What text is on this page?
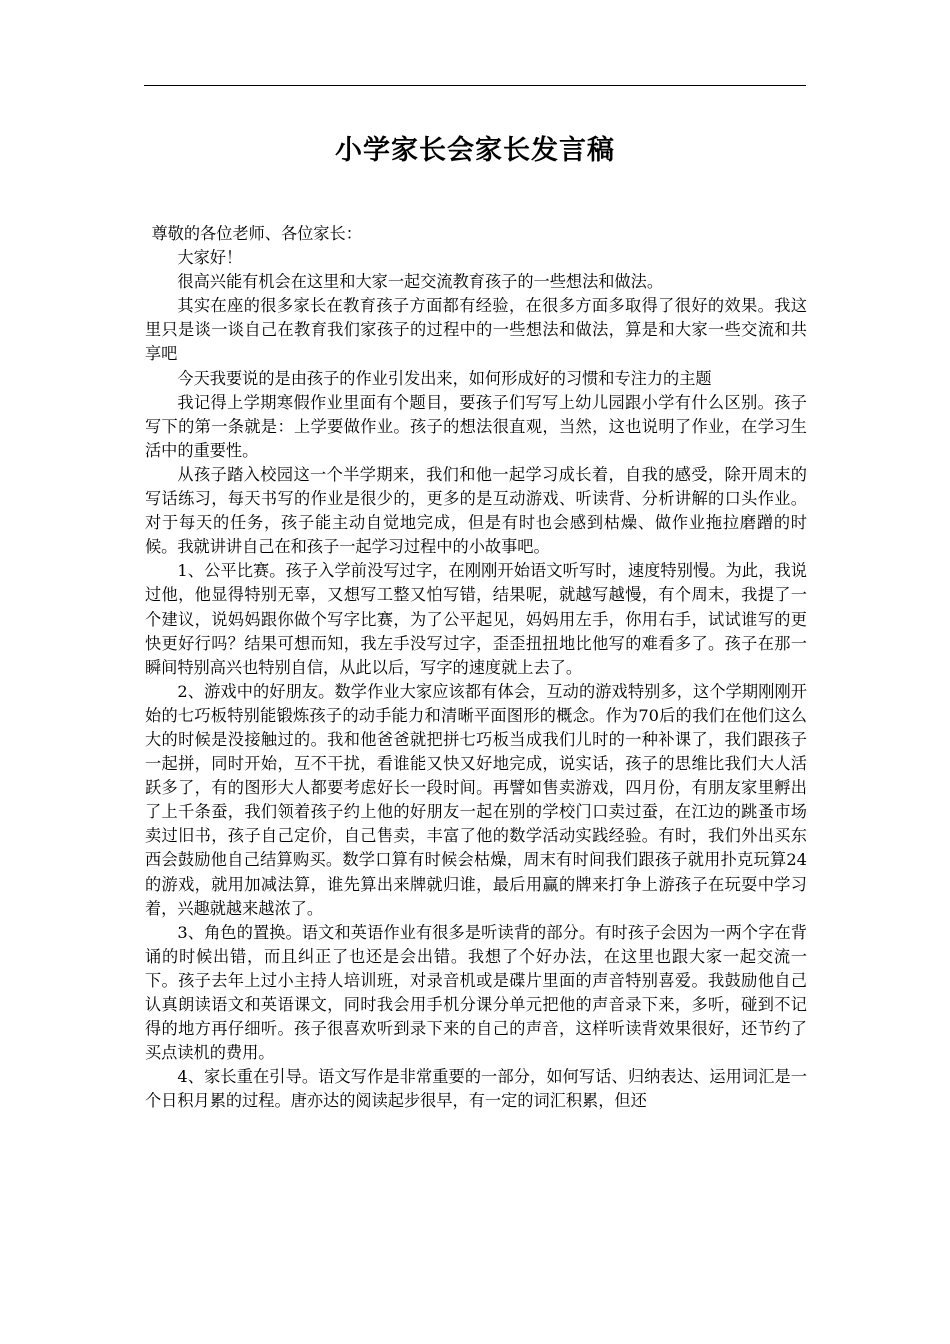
小学家长会家长发言稿

尊敬的各位老师、各位家长：

大家好！

很高兴能有机会在这里和大家一起交流教育孩子的一些想法和做法。

其实在座的很多家长在教育孩子方面都有经验，在很多方面多取得了很好的效果。我这里只是谈一谈自己在教育我们家孩子的过程中的一些想法和做法，算是和大家一些交流和共享吧

今天我要说的是由孩子的作业引发出来，如何形成好的习惯和专注力的主题

我记得上学期寒假作业里面有个题目，要孩子们写写上幼儿园跟小学有什么区别。孩子写下的第一条就是：上学要做作业。孩子的想法很直观，当然，这也说明了作业，在学习生活中的重要性。

从孩子踏入校园这一个半学期来，我们和他一起学习成长着，自我的感受，除开周末的写话练习，每天书写的作业是很少的，更多的是互动游戏、听读背、分析讲解的口头作业。对于每天的任务，孩子能主动自觉地完成，但是有时也会感到枯燥、做作业拖拉磨蹭的时候。我就讲讲自己在和孩子一起学习过程中的小故事吧。

1、公平比赛。孩子入学前没写过字，在刚刚开始语文听写时，速度特别慢。为此，我说过他，他显得特别无辜，又想写工整又怕写错，结果呢，就越写越慢，有个周末，我提了一个建议，说妈妈跟你做个写字比赛，为了公平起见，妈妈用左手，你用右手，试试谁写的更快更好行吗？结果可想而知，我左手没写过字，歪歪扭扭地比他写的难看多了。孩子在那一瞬间特别高兴也特别自信，从此以后，写字的速度就上去了。

2、游戏中的好朋友。数学作业大家应该都有体会，互动的游戏特别多，这个学期刚刚开始的七巧板特别能锻炼孩子的动手能力和清晰平面图形的概念。作为70后的我们在他们这么大的时候是没接触过的。我和他爸爸就把拼七巧板当成我们儿时的一种补课了，我们跟孩子一起拼，同时开始，互不干扰，看谁能又快又好地完成，说实话，孩子的思维比我们大人活跃多了，有的图形大人都要考虑好长一段时间。再譬如售卖游戏，四月份，有朋友家里孵出了上千条蚕，我们领着孩子约上他的好朋友一起在别的学校门口卖过蚕，在江边的跳蚤市场卖过旧书，孩子自己定价，自己售卖，丰富了他的数学活动实践经验。有时，我们外出买东西会鼓励他自己结算购买。数学口算有时候会枯燥，周末有时间我们跟孩子就用扑克玩算24的游戏，就用加减法算，谁先算出来牌就归谁，最后用赢的牌来打争上游孩子在玩耍中学习着，兴趣就越来越浓了。

3、角色的置换。语文和英语作业有很多是听读背的部分。有时孩子会因为一两个字在背诵的时候出错，而且纠正了也还是会出错。我想了个好办法，在这里也跟大家一起交流一下。孩子去年上过小主持人培训班，对录音机或是碟片里面的声音特别喜爱。我鼓励他自己认真朗读语文和英语课文，同时我会用手机分课分单元把他的声音录下来，多听，碰到不记得的地方再仔细听。孩子很喜欢听到录下来的自己的声音，这样听读背效果很好，还节约了买点读机的费用。

4、家长重在引导。语文写作是非常重要的一部分，如何写话、归纳表达、运用词汇是一个日积月累的过程。唐亦达的阅读起步很早，有一定的词汇积累，但还
